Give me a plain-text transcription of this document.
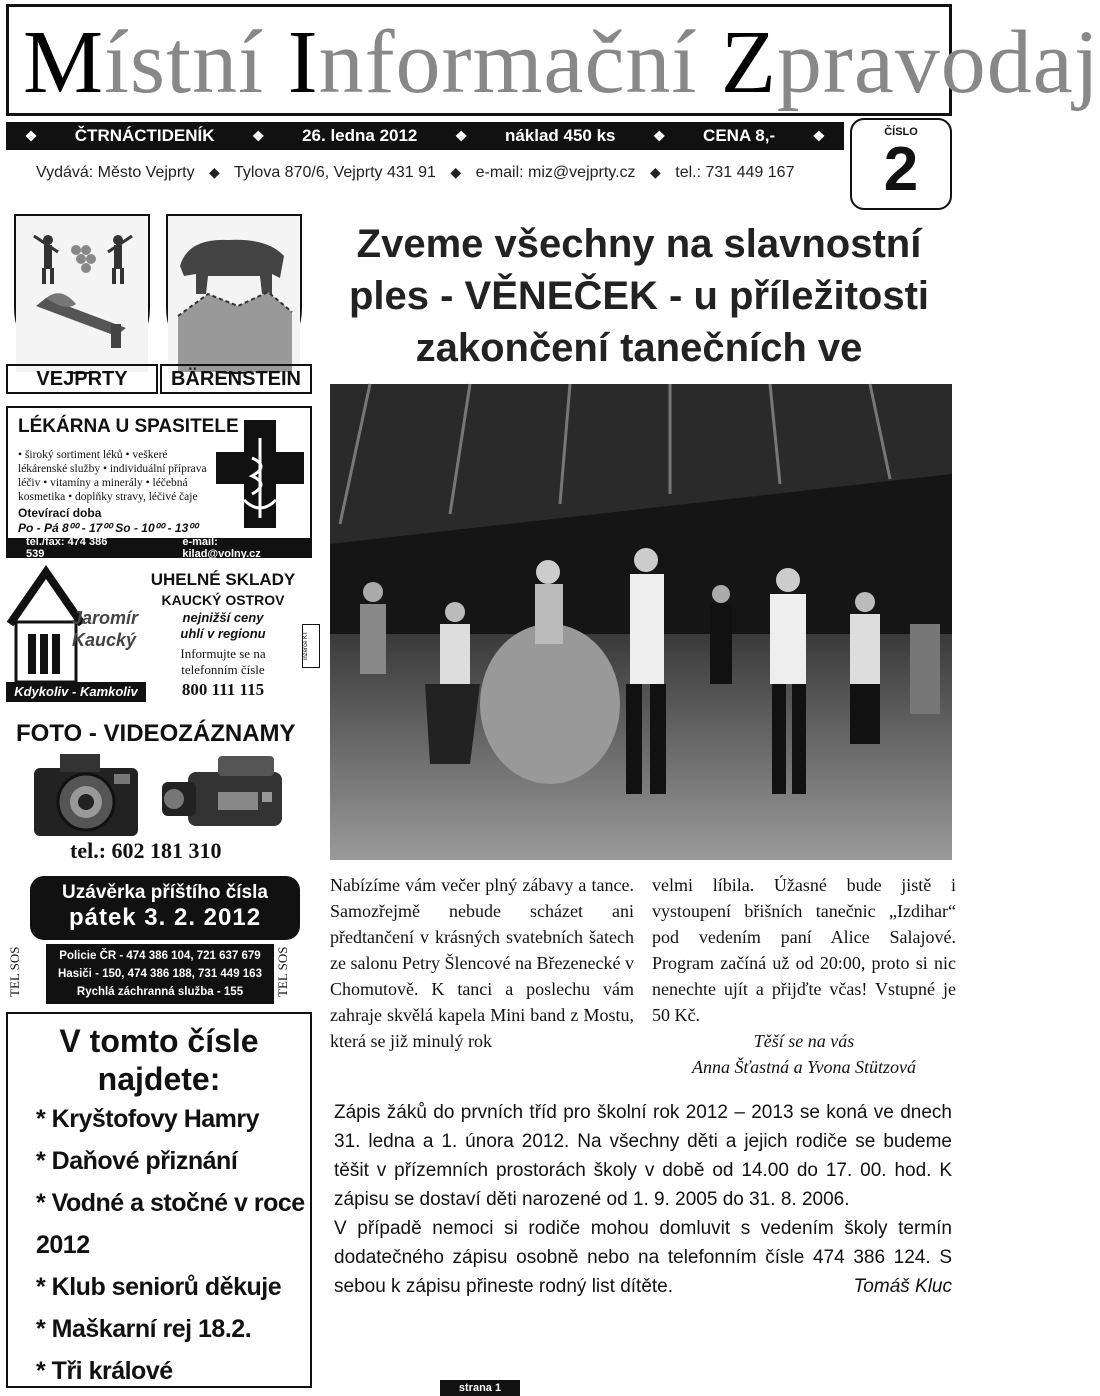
Místní Informační Zpravodaj
❖ ČTRNÁCTIDENÍK	❖ 26. ledna 2012	❖ náklad 450 ks	❖ CENA 8,-	❖
Vydává: Město Vejprty ◆ Tylova 870/6, Vejprty 431 91 ◆ e-mail: miz@vejprty.cz ◆ tel.: 731 449 167
ČÍSLO
2
VEJPRTY	BÄRENSTEIN
Zveme všechny na slavnostní
ples - VĚNEČEK - u příležitosti
zakončení tanečních ve
LÉKÁRNA U SPASITELE
• široký sortiment léků • veškeré lékárenské služby • individuální příprava léčiv • vitamíny a minerály • léčebná kosmetika • doplňky stravy, léčivé čaje
Otevírací doba
Po - Pá 8⁰⁰ - 17⁰⁰ So - 10⁰⁰ - 13⁰⁰
tel./fax: 474 386 539
e-mail: kilad@volny.cz
Jaromír
Kaucký
Kdykoliv - Kamkoliv
UHELNÉ SKLADY
KAUCKÝ OSTROV
nejnižší ceny
uhlí v regionu
Informujte se na
telefonním čísle
800 111 115
inzerce KT
FOTO - VIDEOZÁZNAMY
tel.: 602 181 310
Uzávěrka příštího čísla
pátek 3. 2. 2012
TEL SOS	Policie ČR - 474 386 104, 721 637 679
Hasiči - 150, 474 386 188, 731 449 163
Rychlá záchranná služba - 155	TEL SOS
V tomto čísle
najdete:
* Kryštofovy Hamry
* Daňové přiznání
* Vodné a stočné v roce 2012
* Klub seniorů děkuje
* Maškarní rej 18.2.
* Tři králové
Nabízíme vám večer plný zábavy a tance. Samozřejmě nebude scházet ani předtančení v krásných svatebních šatech ze salonu Petry Šlencové na Březenecké v Chomutově. K tanci a poslechu vám zahraje skvělá kapela Mini band z Mostu, která se již minulý rok
velmi líbila. Úžasné bude jistě i vystoupení břišních tanečnic „Izdihar“ pod vedením paní Alice Salajové. Program začíná už od 20:00, proto si nic nenechte ujít a přijďte včas! Vstupné je 50 Kč.
Těší se na vás
Anna Šťastná a Yvona Stützová

Zápis žáků do prvních tříd pro školní rok 2012 – 2013 se koná ve dnech 31. ledna a 1. února 2012. Na všechny děti a jejich rodiče se budeme těšit v přízemních prostorách školy v době od 14.00 do 17. 00. hod. K zápisu se dostaví děti narozené od 1. 9. 2005 do 31. 8. 2006.

V případě nemoci si rodiče mohou domluvit s vedením školy termín dodatečného zápisu osobně nebo na telefonním čísle 474 386 124. S sebou k zápisu přineste rodný list dítěte.	Tomáš Kluc
strana 1
